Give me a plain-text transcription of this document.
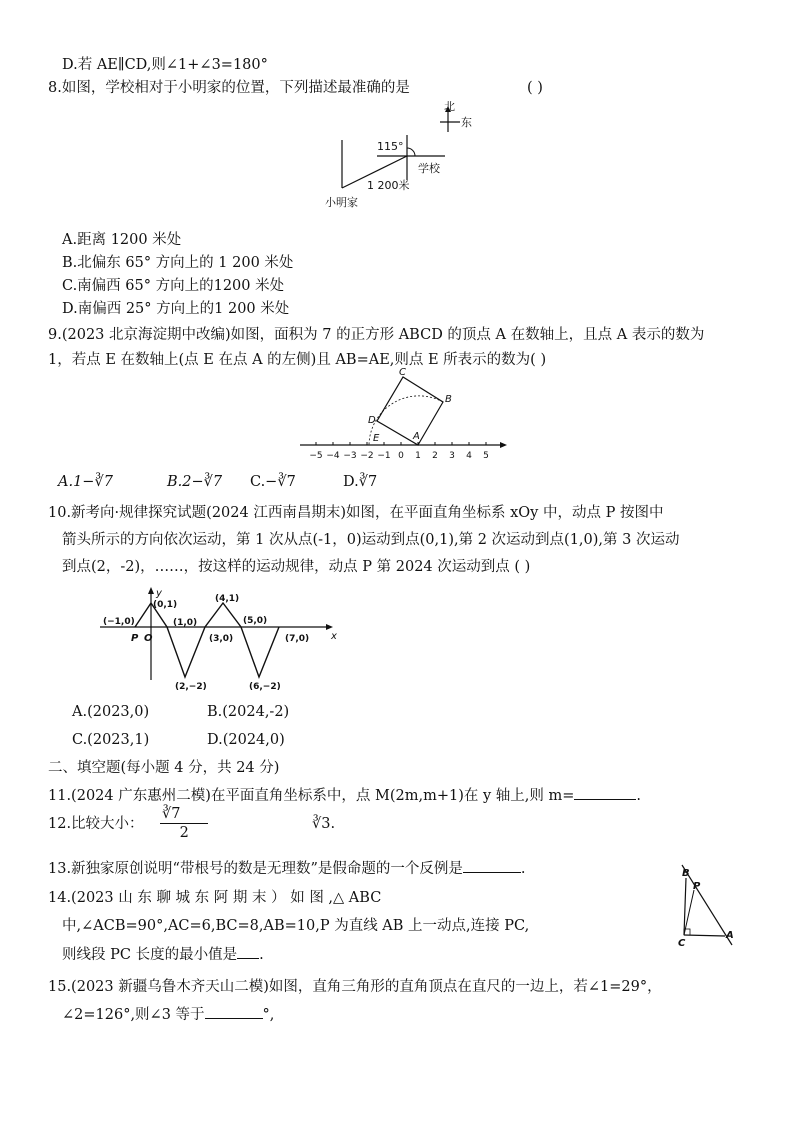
D.若 AE∥CD,则∠1+∠3=180°
8.如图，学校相对于小明家的位置，下列描述最准确的是	( )
北
东
115°
学校
1 200米
小明家
A.距离 1200 米处
B.北偏东 65° 方向上的 1 200 米处
C.南偏西 65° 方向上的1200 米处
D.南偏西 25° 方向上的1 200 米处
9.(2023 北京海淀期中改编)如图，面积为 7 的正方形 ABCD 的顶点 A 在数轴上，且点 A 表示的数为
1，若点 E 在数轴上(点 E 在点 A 的左侧)且 AB=AE,则点 E 所表示的数为( )
−5 −4 −3 −2 −1 0 1 2 3 4 5
C
B
D
E	A
A.1−∛7	B.2−∛7 C.−∛7	D.∛7
10.新考向·规律探究试题(2024 江西南昌期末)如图，在平面直角坐标系 xOy 中，动点 P 按图中
箭头所示的方向依次运动，第 1 次从点(-1，0)运动到点(0,1),第 2 次运动到点(1,0),第 3 次运动
到点(2，-2)，……，按这样的运动规律，动点 P 第 2024 次运动到点 ( )
y
x
P O
(−1,0)
(0,1)
(1,0)
(2,−2)
(3,0)
(4,1)
(5,0)
(6,−2)
(7,0)
A.(2023,0)	B.(2024,-2)
C.(2023,1)	D.(2024,0)
二、填空题(每小题 4 分，共 24 分)
11.(2024 广东惠州二模)在平面直角坐标系中，点 M(2m,m+1)在 y 轴上,则 m=	.
12.比较大小： $\frac{∛7}{2}$	∛3.
13.新独家原创说明“带根号的数是无理数”是假命题的一个反例是	.
14.(2023 山 东 聊 城 东 阿 期 末 ） 如 图 ,△ ABC
中,∠ACB=90°,AC=6,BC=8,AB=10,P 为直线 AB 上一动点,连接 PC,
则线段 PC 长度的最小值是 .
B
P
C
A
15.(2023 新疆乌鲁木齐天山二模)如图，直角三角形的直角顶点在直尺的一边上，若∠1=29°，
∠2=126°,则∠3 等于	°,
